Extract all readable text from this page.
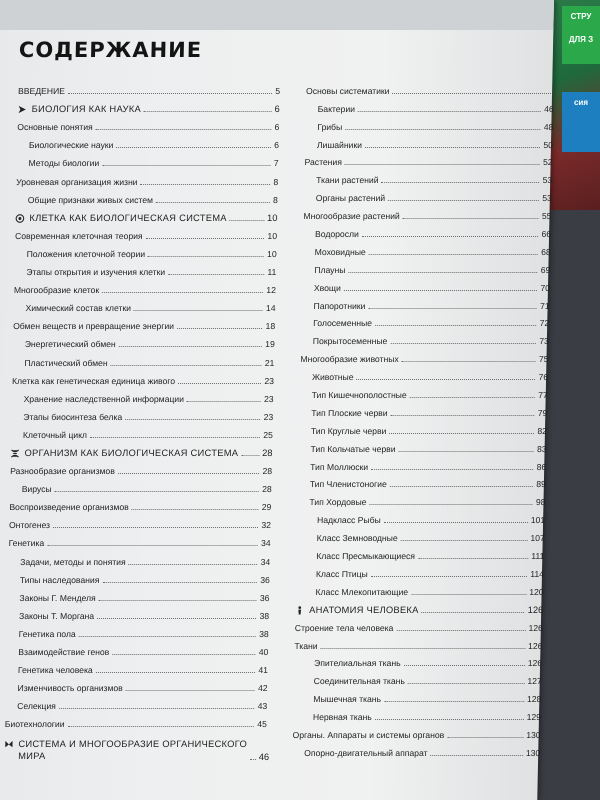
СТРУ
ДЛЯ З
сия
СОДЕРЖАНИЕ
ВВЕДЕНИЕ	5
БИОЛОГИЯ КАК НАУКА	6
Основные понятия	6
Биологические науки	6
Методы биологии	7
Уровневая организация жизни	8
Общие признаки живых систем	8
КЛЕТКА КАК БИОЛОГИЧЕСКАЯ СИСТЕМА	10
Современная клеточная теория	10
Положения клеточной теории	10
Этапы открытия и изучения клетки	11
Многообразие клеток	12
Химический состав клетки	14
Обмен веществ и превращение энергии	18
Энергетический обмен	19
Пластический обмен	21
Клетка как генетическая единица живого	23
Хранение наследственной информации	23
Этапы биосинтеза белка	23
Клеточный цикл	25
ОРГАНИЗМ КАК БИОЛОГИЧЕСКАЯ СИСТЕМА	28
Разнообразие организмов	28
Вирусы	28
Воспроизведение организмов	29
Онтогенез	32
Генетика	34
Задачи, методы и понятия	34
Типы наследования	36
Законы Г. Менделя	36
Законы Т. Моргана	38
Генетика пола	38
Взаимодействие генов	40
Генетика человека	41
Изменчивость организмов	42
Селекция	43
Биотехнологии	45
СИСТЕМА И МНОГООБРАЗИЕ ОРГАНИЧЕСКОГО
МИРА	46
Основы систематики
Бактерии	46
Грибы	48
Лишайники	50
Растения	52
Ткани растений	53
Органы растений	53
Многообразие растений	55
Водоросли	66
Моховидные	68
Плауны	69
Хвощи	70
Папоротники	71
Голосеменные	72
Покрытосеменные	73
Многообразие животных	75
Животные	76
Тип Кишечнополостные	77
Тип Плоские черви	79
Тип Круглые черви	82
Тип Кольчатые черви	83
Тип Моллюски	86
Тип Членистоногие	89
Тип Хордовые	98
Надкласс Рыбы	101
Класс Земноводные	107
Класс Пресмыкающиеся	111
Класс Птицы	114
Класс Млекопитающие	120
АНАТОМИЯ ЧЕЛОВЕКА	126
Строение тела человека	126
Ткани	126
Эпителиальная ткань	126
Соединительная ткань	127
Мышечная ткань	128
Нервная ткань	129
Органы. Аппараты и системы органов	130
Опорно-двигательный аппарат	130
